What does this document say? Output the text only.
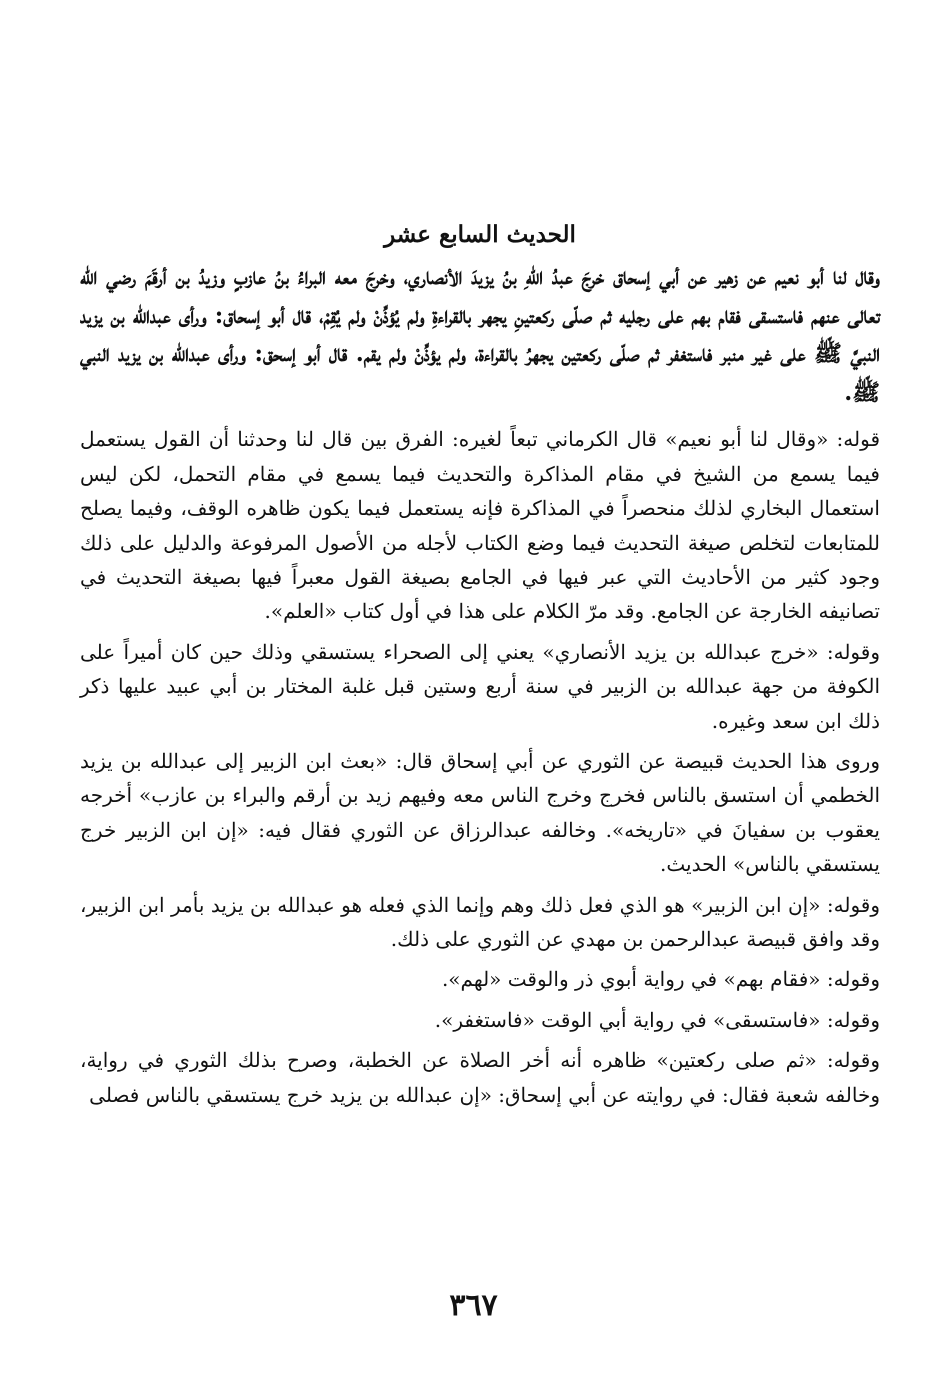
الحديث السابع عشر

وقال لنا أبو نعيم عن زهير عن أبي إسحاق خرجَ عبدُ اللهِ بنُ يزيدَ الأنصاري، وخرجَ معه البراءُ بنُ عازبٍ وزيدُ بن أرقَمَ رضي الله تعالى عنهم فاستسقى فقام بهم على رجليه ثم صلّى ركعتينِ يجهر بالقراءةِ ولم يُؤذِّنْ ولم يُقِمْ، قال أبو إسحاق: ورأى عبدالله بن يزيد النبيَّ ﷺ على غير منبر فاستغفر ثم صلّى ركعتين يجهرُ بالقراءة، ولم يؤذِّنْ ولم يقم. قال أبو إسحق: ورأى عبدالله بن يزيد النبي ﷺ.

قوله: «وقال لنا أبو نعيم» قال الكرماني تبعاً لغيره: الفرق بين قال لنا وحدثنا أن القول يستعمل فيما يسمع من الشيخ في مقام المذاكرة والتحديث فيما يسمع في مقام التحمل، لكن ليس استعمال البخاري لذلك منحصراً في المذاكرة فإنه يستعمل فيما يكون ظاهره الوقف، وفيما يصلح للمتابعات لتخلص صيغة التحديث فيما وضع الكتاب لأجله من الأصول المرفوعة والدليل على ذلك وجود كثير من الأحاديث التي عبر فيها في الجامع بصيغة القول معبراً فيها بصيغة التحديث في تصانيفه الخارجة عن الجامع. وقد مرّ الكلام على هذا في أول كتاب «العلم».

وقوله: «خرج عبدالله بن يزيد الأنصاري» يعني إلى الصحراء يستسقي وذلك حين كان أميراً على الكوفة من جهة عبدالله بن الزبير في سنة أربع وستين قبل غلبة المختار بن أبي عبيد عليها ذكر ذلك ابن سعد وغيره.

وروى هذا الحديث قبيصة عن الثوري عن أبي إسحاق قال: «بعث ابن الزبير إلى عبدالله بن يزيد الخطمي أن استسق بالناس فخرج وخرج الناس معه وفيهم زيد بن أرقم والبراء بن عازب» أخرجه يعقوب بن سفيانَ في «تاريخه». وخالفه عبدالرزاق عن الثوري فقال فيه: «إن ابن الزبير خرج يستسقي بالناس» الحديث.

وقوله: «إن ابن الزبير» هو الذي فعل ذلك وهم وإنما الذي فعله هو عبدالله بن يزيد بأمر ابن الزبير، وقد وافق قبيصة عبدالرحمن بن مهدي عن الثوري على ذلك.

وقوله: «فقام بهم» في رواية أبوي ذر والوقت «لهم».

وقوله: «فاستسقى» في رواية أبي الوقت «فاستغفر».

وقوله: «ثم صلى ركعتين» ظاهره أنه أخر الصلاة عن الخطبة، وصرح بذلك الثوري في رواية، وخالفه شعبة فقال: في روايته عن أبي إسحاق: «إن عبدالله بن يزيد خرج يستسقي بالناس فصلى

٣٦٧
